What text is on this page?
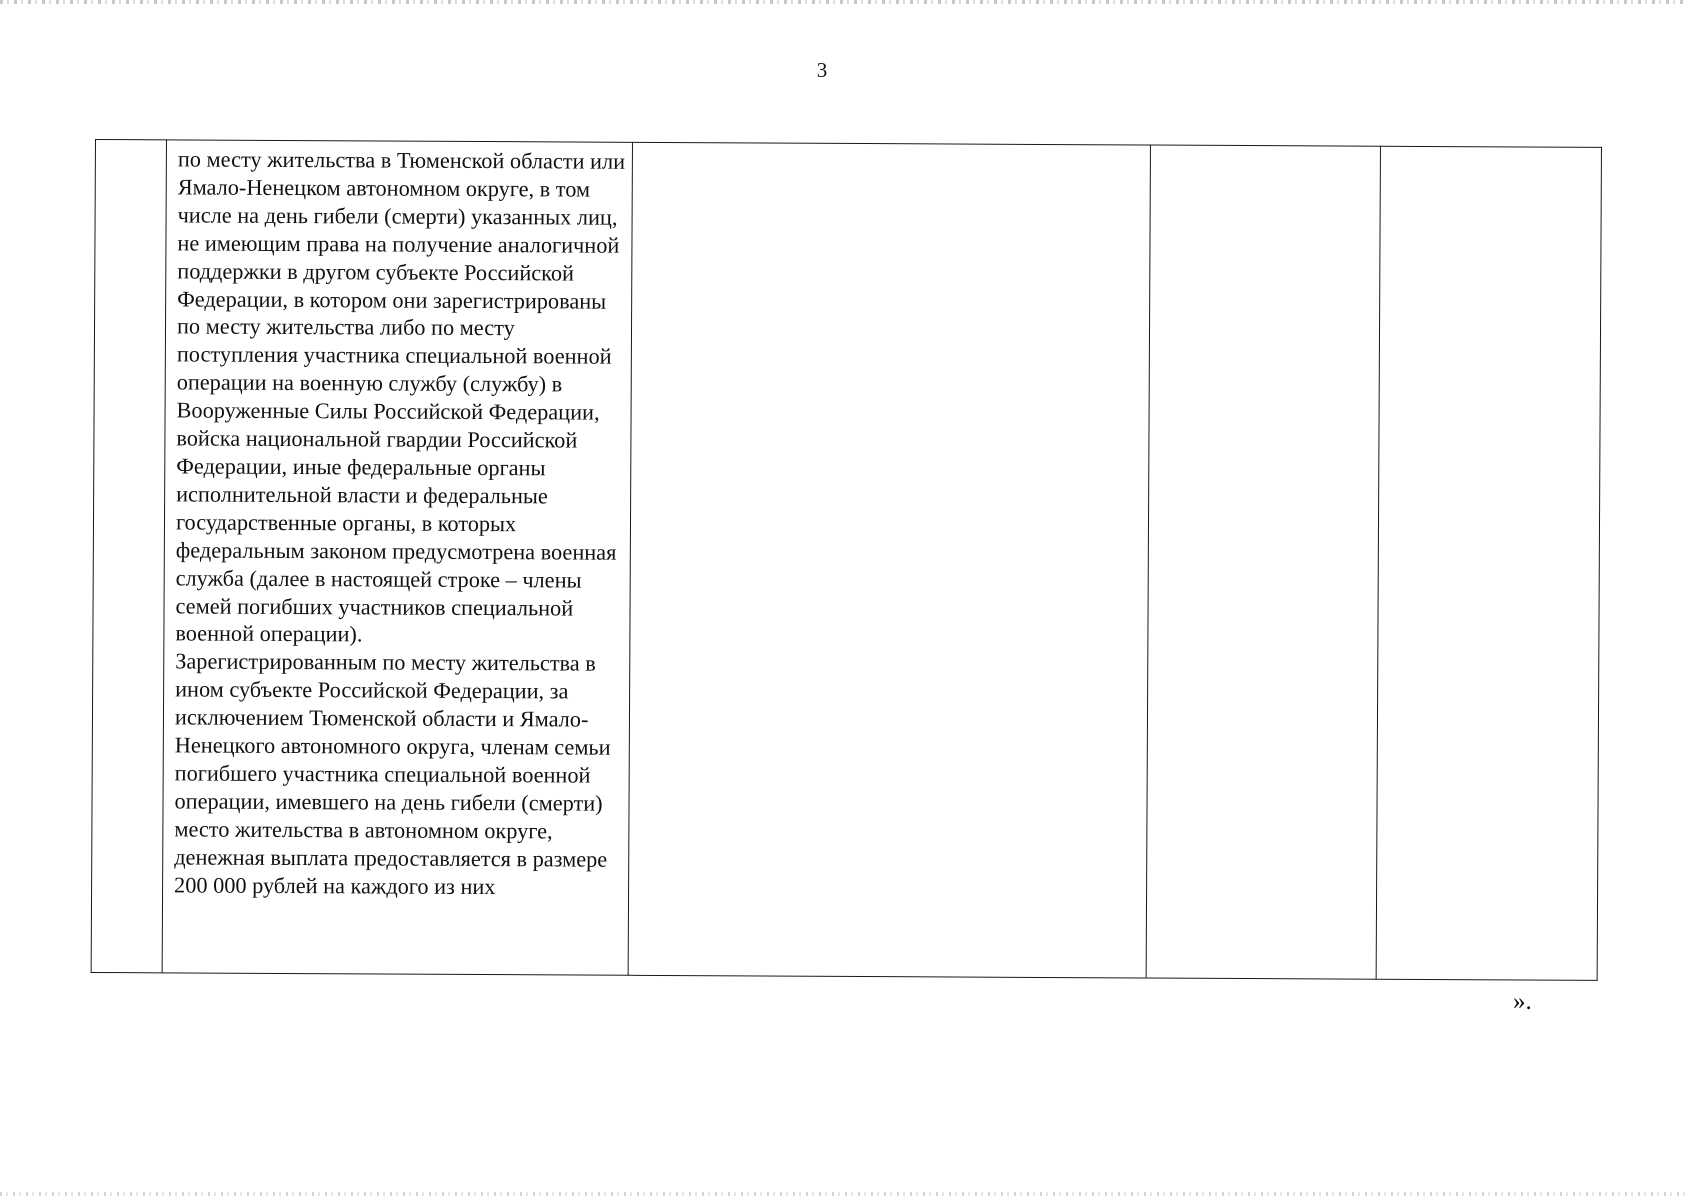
3

по месту жительства в Тюменской области или Ямало-Ненецком автономном округе, в том числе на день гибели (смерти) указанных лиц, не имеющим права на получение аналогичной поддержки в другом субъекте Российской Федерации, в котором они зарегистрированы по месту жительства либо по месту поступления участника специальной военной операции на военную службу (службу) в Вооруженные Силы Российской Федерации, войска национальной гвардии Российской Федерации, иные федеральные органы исполнительной власти и федеральные государственные органы, в которых федеральным законом предусмотрена военная служба (далее в настоящей строке – члены семей погибших участников специальной военной операции).

Зарегистрированным по месту жительства в ином субъекте Российской Федерации, за исключением Тюменской области и Ямало-Ненецкого автономного округа, членам семьи погибшего участника специальной военной операции, имевшего на день гибели (смерти) место жительства в автономном округе, денежная выплата предоставляется в размере 200 000 рублей на каждого из них

».
